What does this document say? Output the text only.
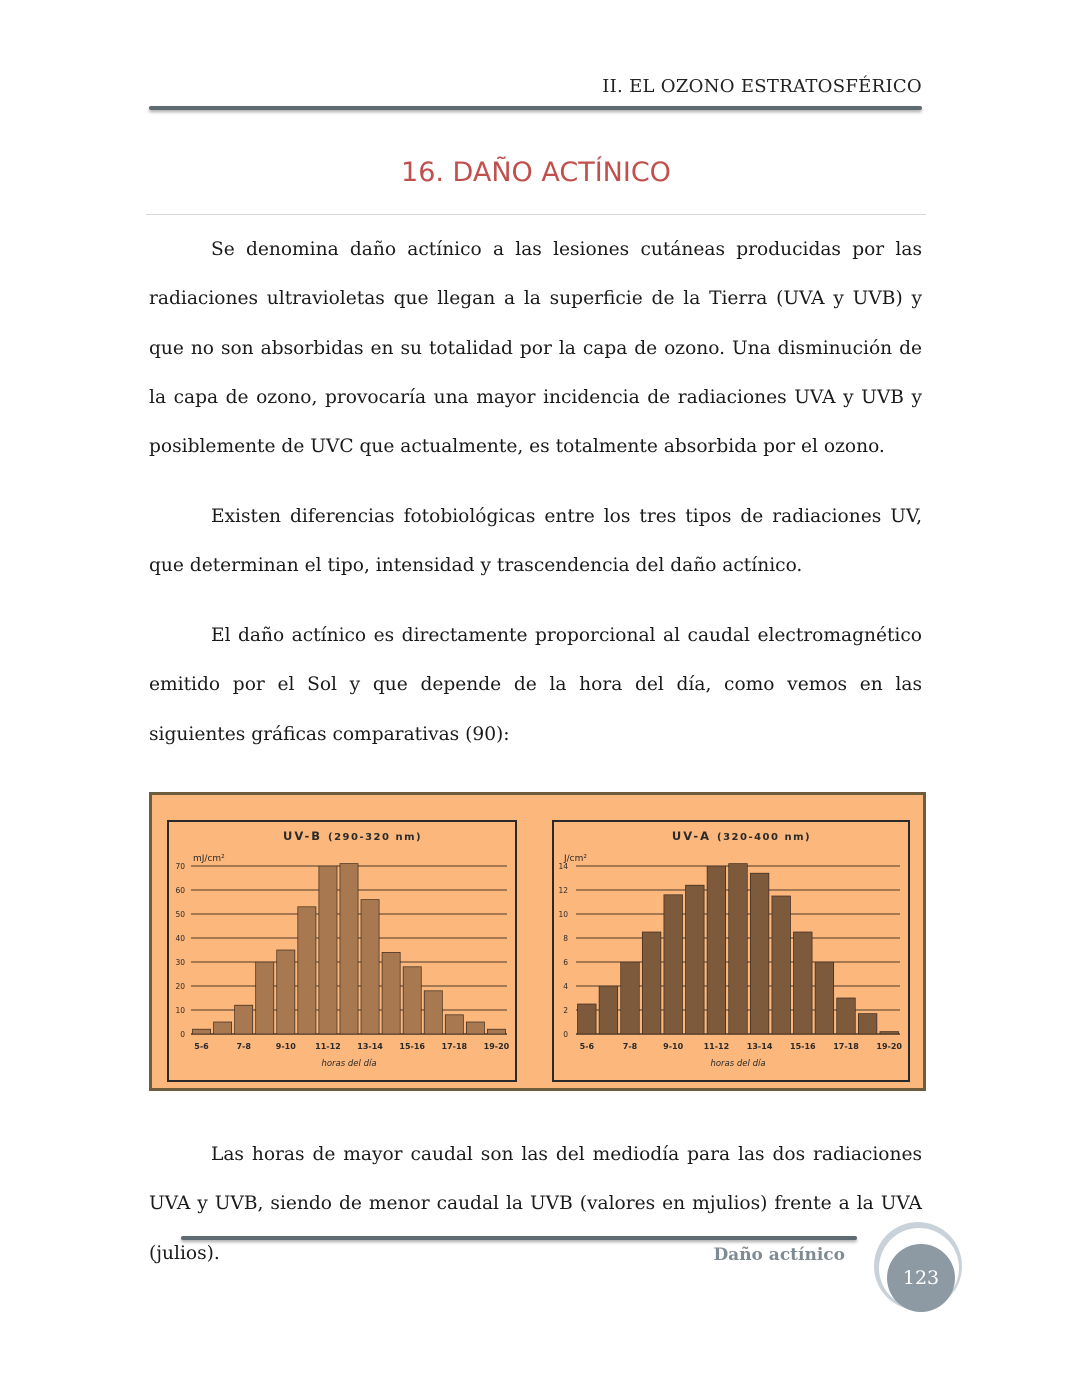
II. EL OZONO ESTRATOSFÉRICO
16. DAÑO ACTÍNICO

Se denomina daño actínico a las lesiones cutáneas producidas por las radiaciones ultravioletas que llegan a la superficie de la Tierra (UVA y UVB) y que no son absorbidas en su totalidad por la capa de ozono. Una disminución de la capa de ozono, provocaría una mayor incidencia de radiaciones UVA y UVB y posiblemente de UVC que actualmente, es totalmente absorbida por el ozono.

Existen diferencias fotobiológicas entre los tres tipos de radiaciones UV, que determinan el tipo, intensidad y trascendencia del daño actínico.

El daño actínico es directamente proporcional al caudal electromagnético emitido por el Sol y que depende de la hora del día, como vemos en las siguientes gráficas comparativas (90):

UV-B (290-320 nm)
mJ/cm²
0
10
20
30
40
50
60
70
5-6	7-8	9-10 11-12 13-14 15-16 17-18 19-20
horas del día
UV-A (320-400 nm)
J/cm²
0
2
4
6
8
10
12
14
5-6	7-8	9-10	11-12 13-14 15-16 17-18 19-20
horas del día

Las horas de mayor caudal son las del mediodía para las dos radiaciones UVA y UVB, siendo de menor caudal la UVB (valores en mjulios) frente a la UVA (julios).	Daño actínico
123
